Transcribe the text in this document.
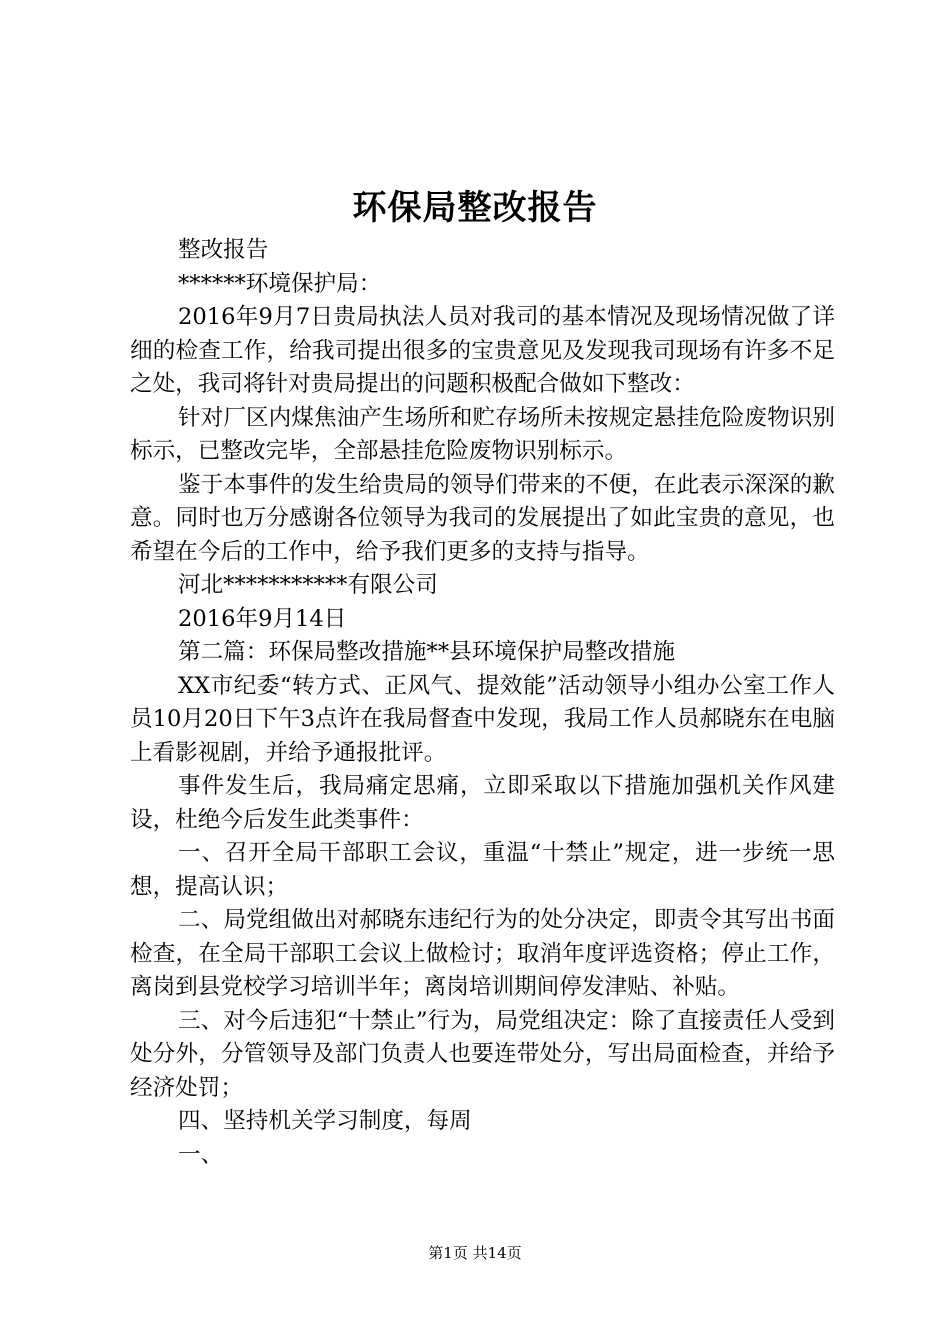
环保局整改报告

整改报告

******环境保护局：

2016年9月7日贵局执法人员对我司的基本情况及现场情况做了详细的检查工作，给我司提出很多的宝贵意见及发现我司现场有许多不足之处，我司将针对贵局提出的问题积极配合做如下整改：

针对厂区内煤焦油产生场所和贮存场所未按规定悬挂危险废物识别标示，已整改完毕，全部悬挂危险废物识别标示。

鉴于本事件的发生给贵局的领导们带来的不便，在此表示深深的歉意。同时也万分感谢各位领导为我司的发展提出了如此宝贵的意见，也希望在今后的工作中，给予我们更多的支持与指导。

河北***********有限公司

2016年9月14日

第二篇：环保局整改措施**县环境保护局整改措施

XX市纪委“转方式、正风气、提效能”活动领导小组办公室工作人员10月20日下午3点许在我局督查中发现，我局工作人员郝晓东在电脑上看影视剧，并给予通报批评。

事件发生后，我局痛定思痛，立即采取以下措施加强机关作风建设，杜绝今后发生此类事件：

一、召开全局干部职工会议，重温“十禁止”规定，进一步统一思想，提高认识；

二、局党组做出对郝晓东违纪行为的处分决定，即责令其写出书面检查，在全局干部职工会议上做检讨；取消年度评选资格；停止工作，离岗到县党校学习培训半年；离岗培训期间停发津贴、补贴。

三、对今后违犯“十禁止”行为，局党组决定：除了直接责任人受到处分外，分管领导及部门负责人也要连带处分，写出局面检查，并给予经济处罚；

四、坚持机关学习制度，每周

一、

第1页 共14页
